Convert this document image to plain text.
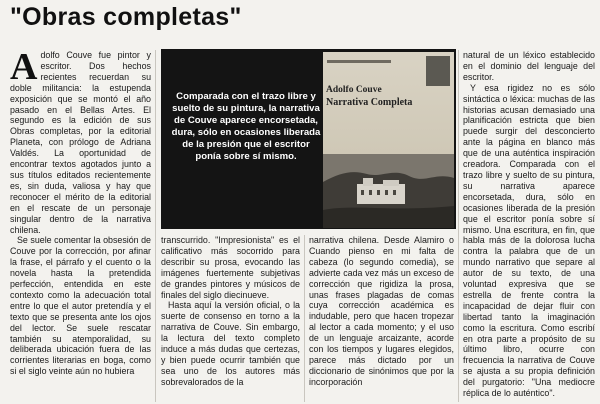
"Obras completas"

Adolfo Couve fue pintor y escritor. Dos hechos recientes recuerdan su doble militancia: la estupenda exposición que se montó el año pasado en el Bellas Artes. El segundo es la edición de sus Obras completas, por la editorial Planeta, con prólogo de Adriana Valdés. La oportunidad de encontrar textos agotados junto a sus títulos editados recientemente es, sin duda, valiosa y hay que reconocer el mérito de la editorial en el rescate de un personaje singular dentro de la narrativa chilena.

Se suele comentar la obsesión de Couve por la corrección, por afinar la frase, el párrafo y el cuento o la novela hasta la pretendida perfección, entendida en este contexto como la adecuación total entre lo que el autor pretendía y el texto que se presenta ante los ojos del lector. Se suele rescatar también su atemporalidad, su deliberada ubicación fuera de las corrientes literarias en boga, como si el siglo veinte aún no hubiera

Comparada con el trazo libre y suelto de su pintura, la narrativa de Couve aparece encorsetada, dura, sólo en ocasiones liberada de la presión que el escritor ponía sobre sí mismo.

Adolfo Couve
Narrativa Completa

transcurrido. "Impresionista" es el calificativo más socorrido para describir su prosa, evocando las imágenes fuertemente subjetivas de grandes pintores y músicos de finales del siglo diecinueve.

Hasta aquí la versión oficial, o la suerte de consenso en torno a la narrativa de Couve. Sin embargo, la lectura del texto completo induce a más dudas que certezas, y bien puede ocurrir también que sea uno de los autores más sobrevalorados de la

narrativa chilena. Desde Alamiro o Cuando pienso en mi falta de cabeza (lo segundo comedia), se advierte cada vez más un exceso de corrección que rigidiza la prosa, unas frases plagadas de comas cuya corrección académica es indudable, pero que hacen tropezar al lector a cada momento; y el uso de un lenguaje arcaizante, acorde con los tiempos y lugares elegidos, parece más dictado por un diccionario de sinónimos que por la incorporación

natural de un léxico establecido en el dominio del lenguaje del escritor.

Y esa rigidez no es sólo sintáctica o léxica: muchas de las historias acusan demasiado una planificación estricta que bien puede surgir del desconcierto ante la página en blanco más que de una auténtica inspiración creadora. Comparada con el trazo libre y suelto de su pintura, su narrativa aparece encorsetada, dura, sólo en ocasiones liberada de la presión que el escritor ponía sobre sí mismo. Una escritura, en fin, que habla más de la dolorosa lucha contra la palabra que de un mundo narrativo que separe al autor de su texto, de una voluntad expresiva que se estrella de frente contra la incapacidad de dejar fluir con libertad tanto la imaginación como la escritura. Como escribí en otra parte a propósito de su último libro, ocurre con frecuencia la narrativa de Couve se ajusta a su propia definición del purgatorio: "Una mediocre réplica de lo auténtico".
